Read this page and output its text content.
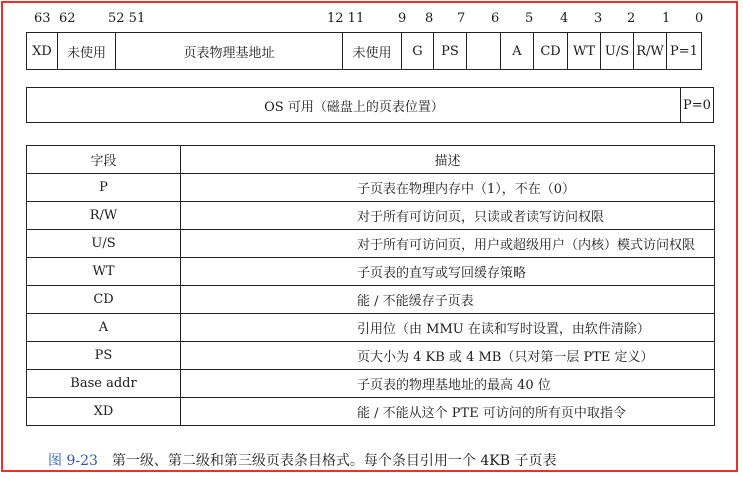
63 62 52 51	12 11	9 8 7 6 5 4 3 2 1 0
XD	未使用	页表物理基地址	未使用	G	PS		A	CD	WT	U/S	R/W	P=1
OS 可用（磁盘上的页表位置）	P=0
字段	描述
P	子页表在物理内存中（1），不在（0）
R/W	对于所有可访问页，只读或者读写访问权限
U/S	对于所有可访问页，用户或超级用户（内核）模式访问权限
WT	子页表的直写或写回缓存策略
CD	能 / 不能缓存子页表
A	引用位（由 MMU 在读和写时设置，由软件清除）
PS	页大小为 4 KB 或 4 MB（只对第一层 PTE 定义）
Base addr	子页表的物理基地址的最高 40 位
XD	能 / 不能从这个 PTE 可访问的所有页中取指令
图 9-23 第一级、第二级和第三级页表条目格式。每个条目引用一个 4KB 子页表
